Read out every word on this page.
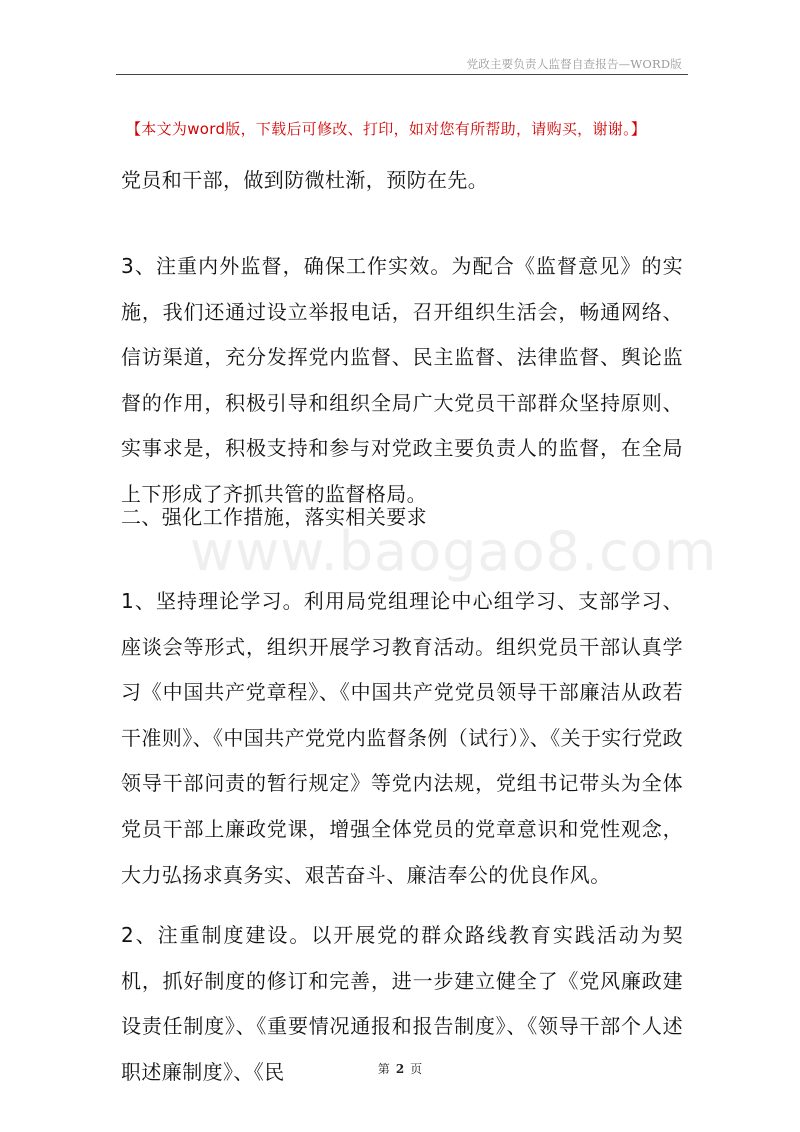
党政主要负责人监督自查报告—WORD版
【本文为word版，下载后可修改、打印，如对您有所帮助，请购买，谢谢。】
www.baogao8.com
党员和干部，做到防微杜渐，预防在先。
3、注重内外监督，确保工作实效。为配合《监督意见》的实施，我们还通过设立举报电话，召开组织生活会，畅通网络、信访渠道，充分发挥党内监督、民主监督、法律监督、舆论监督的作用，积极引导和组织全局广大党员干部群众坚持原则、实事求是，积极支持和参与对党政主要负责人的监督，在全局上下形成了齐抓共管的监督格局。
二、强化工作措施，落实相关要求
1、坚持理论学习。利用局党组理论中心组学习、支部学习、座谈会等形式，组织开展学习教育活动。组织党员干部认真学习《中国共产党章程》、《中国共产党党员领导干部廉洁从政若干准则》、《中国共产党党内监督条例（试行）》、《关于实行党政领导干部问责的暂行规定》等党内法规，党组书记带头为全体党员干部上廉政党课，增强全体党员的党章意识和党性观念，大力弘扬求真务实、艰苦奋斗、廉洁奉公的优良作风。
2、注重制度建设。以开展党的群众路线教育实践活动为契机，抓好制度的修订和完善，进一步建立健全了《党风廉政建设责任制度》、《重要情况通报和报告制度》、《领导干部个人述职述廉制度》、《民	第 2 页
